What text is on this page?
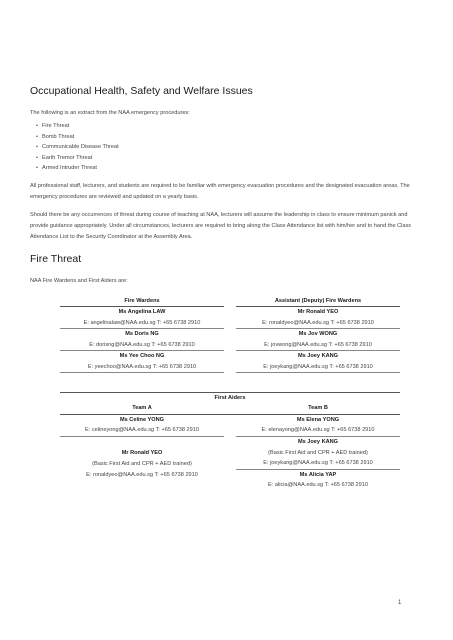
Occupational Health, Safety and Welfare Issues

The following is an extract from the NAA emergency procedures:

• Fire Threat
• Bomb Threat
• Communicable Disease Threat
• Earth Tremor Threat
• Armed Intruder Threat

All professional staff, lecturers, and students are required to be familiar with emergency evacuation procedures and the designated evacuation areas. The emergency procedures are reviewed and updated on a yearly basis.

Should there be any occurrences of threat during course of teaching at NAA, lecturers will assume the leadership in class to ensure minimum panick and provide guidance appropriately. Under all circumstances, lecturers are required to bring along the Class Attendance list with him/her and to hand the Class Attendance List to the Security Coordinator at the Assembly Area.

Fire Threat

NAA Fire Wardens and First Aiders are:

Fire Wardens		Assistant (Deputy) Fire Wardens
Ms Angelina LAW		Mr Ronald YEO
E: angelinalaw@NAA.edu.sg T: +65 6738 2910		E: ronaldyeo@NAA.edu.sg T: +65 6738 2910
Ms Doris NG		Ms Jov WONG
E: dorisng@NAA.edu.sg T: +65 6738 2910		E: jovwong@NAA.edu.sg T: +65 6738 2910
Ms Yee Choo NG		Ms Joey KANG
E: yeechoo@NAA.edu.sg T: +65 6738 2910		E: joeykang@NAA.edu.sg T: +65 6738 2910
First Aiders		
Team A		Team B
Ms Celine YONG		Ms Elena YONG
E: celineyong@NAA.edu.sg T: +65 6738 2910		E: elenayong@NAA.edu.sg T: +65 6738 2910
		Ms Joey KANG
Mr Ronald YEO		(Basic First Aid and CPR + AED trained)
(Basic First Aid and CPR + AED trained)		E: joeykang@NAA.edu.sg T: +65 6738 2910
E: ronaldyeo@NAA.edu.sg T: +65 6738 2910		Ms Alicia YAP
		E: alicia@NAA.edu.sg T: +65 6738 2910
1
